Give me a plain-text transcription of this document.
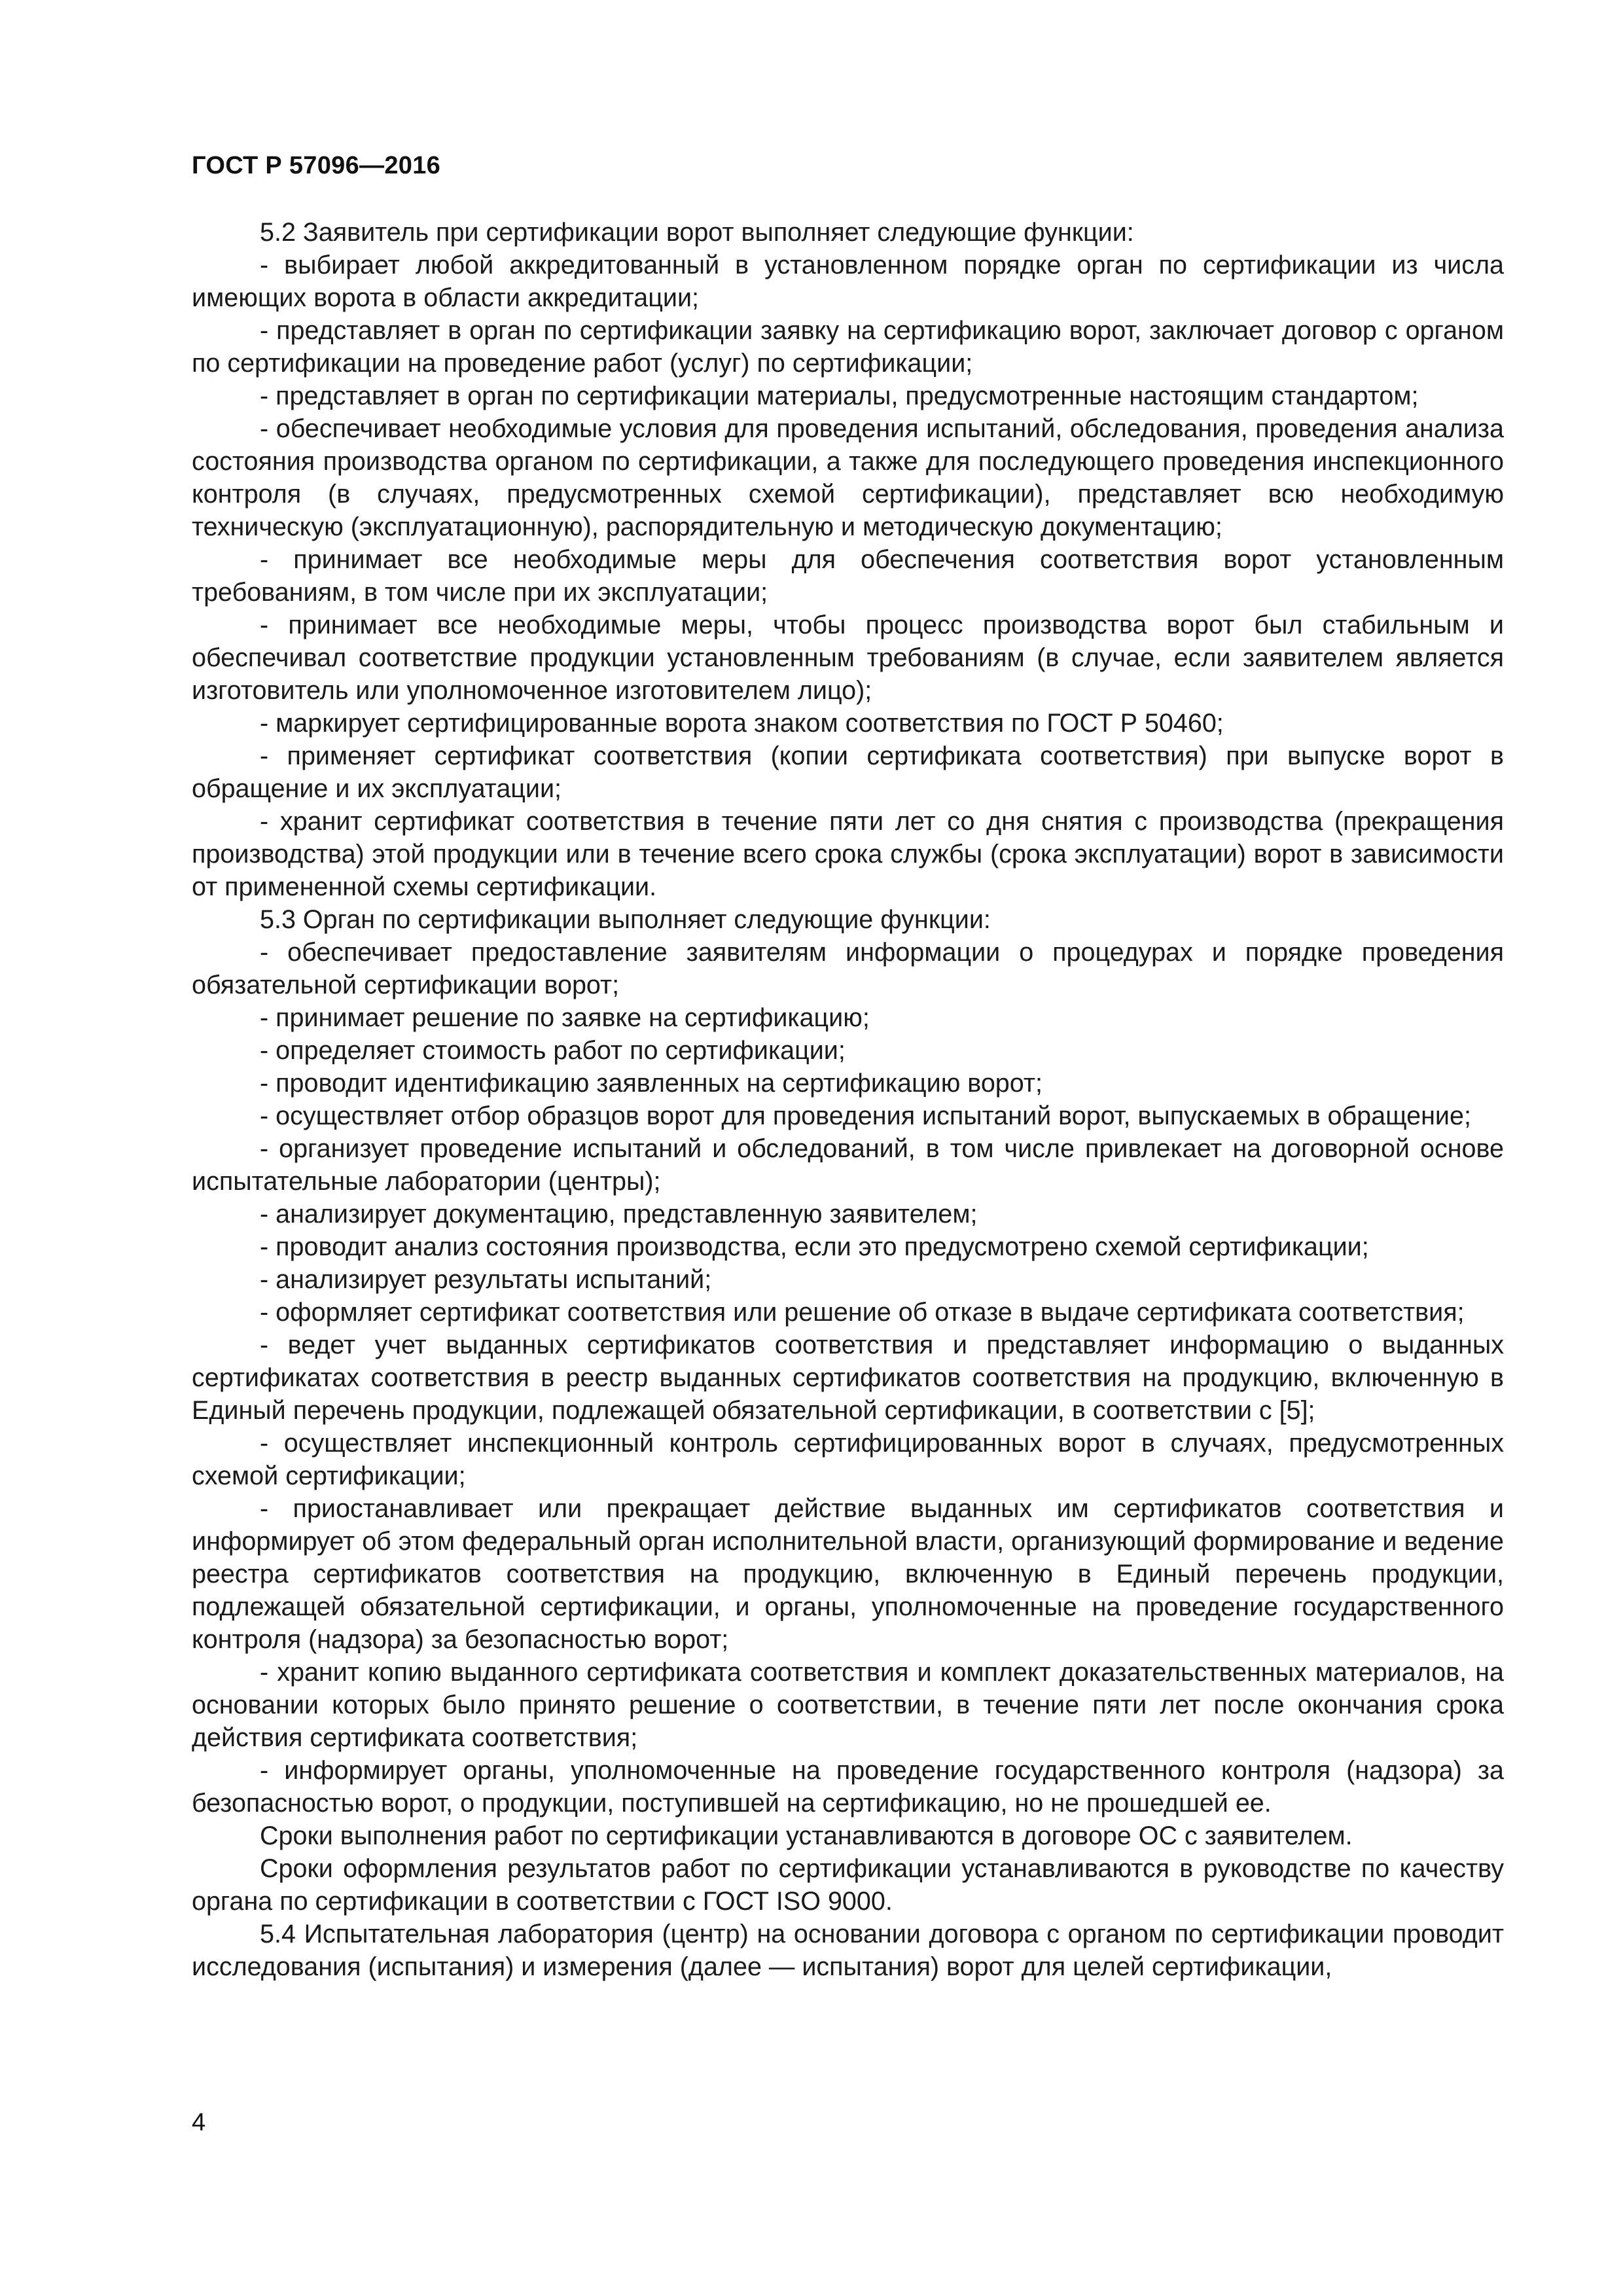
ГОСТ Р 57096—2016

5.2 Заявитель при сертификации ворот выполняет следующие функции:

- выбирает любой аккредитованный в установленном порядке орган по сертификации из числа имеющих ворота в области аккредитации;

- представляет в орган по сертификации заявку на сертификацию ворот, заключает договор с органом по сертификации на проведение работ (услуг) по сертификации;

- представляет в орган по сертификации материалы, предусмотренные настоящим стандартом;

- обеспечивает необходимые условия для проведения испытаний, обследования, проведения анализа состояния производства органом по сертификации, а также для последующего проведения инспекционного контроля (в случаях, предусмотренных схемой сертификации), представляет всю необходимую техническую (эксплуатационную), распорядительную и методическую документацию;

- принимает все необходимые меры для обеспечения соответствия ворот установленным требованиям, в том числе при их эксплуатации;

- принимает все необходимые меры, чтобы процесс производства ворот был стабильным и обеспечивал соответствие продукции установленным требованиям (в случае, если заявителем является изготовитель или уполномоченное изготовителем лицо);

- маркирует сертифицированные ворота знаком соответствия по ГОСТ Р 50460;

- применяет сертификат соответствия (копии сертификата соответствия) при выпуске ворот в обращение и их эксплуатации;

- хранит сертификат соответствия в течение пяти лет со дня снятия с производства (прекращения производства) этой продукции или в течение всего срока службы (срока эксплуатации) ворот в зависимости от примененной схемы сертификации.

5.3 Орган по сертификации выполняет следующие функции:

- обеспечивает предоставление заявителям информации о процедурах и порядке проведения обязательной сертификации ворот;

- принимает решение по заявке на сертификацию;

- определяет стоимость работ по сертификации;

- проводит идентификацию заявленных на сертификацию ворот;

- осуществляет отбор образцов ворот для проведения испытаний ворот, выпускаемых в обращение;

- организует проведение испытаний и обследований, в том числе привлекает на договорной основе испытательные лаборатории (центры);

- анализирует документацию, представленную заявителем;

- проводит анализ состояния производства, если это предусмотрено схемой сертификации;

- анализирует результаты испытаний;

- оформляет сертификат соответствия или решение об отказе в выдаче сертификата соответствия;

- ведет учет выданных сертификатов соответствия и представляет информацию о выданных сертификатах соответствия в реестр выданных сертификатов соответствия на продукцию, включенную в Единый перечень продукции, подлежащей обязательной сертификации, в соответствии с [5];

- осуществляет инспекционный контроль сертифицированных ворот в случаях, предусмотренных схемой сертификации;

- приостанавливает или прекращает действие выданных им сертификатов соответствия и информирует об этом федеральный орган исполнительной власти, организующий формирование и ведение реестра сертификатов соответствия на продукцию, включенную в Единый перечень продукции, подлежащей обязательной сертификации, и органы, уполномоченные на проведение государственного контроля (надзора) за безопасностью ворот;

- хранит копию выданного сертификата соответствия и комплект доказательственных материалов, на основании которых было принято решение о соответствии, в течение пяти лет после окончания срока действия сертификата соответствия;

- информирует органы, уполномоченные на проведение государственного контроля (надзора) за безопасностью ворот, о продукции, поступившей на сертификацию, но не прошедшей ее.

Сроки выполнения работ по сертификации устанавливаются в договоре ОС с заявителем.

Сроки оформления результатов работ по сертификации устанавливаются в руководстве по качеству органа по сертификации в соответствии с ГОСТ ISO 9000.

5.4 Испытательная лаборатория (центр) на основании договора с органом по сертификации проводит исследования (испытания) и измерения (далее — испытания) ворот для целей сертификации,

4
